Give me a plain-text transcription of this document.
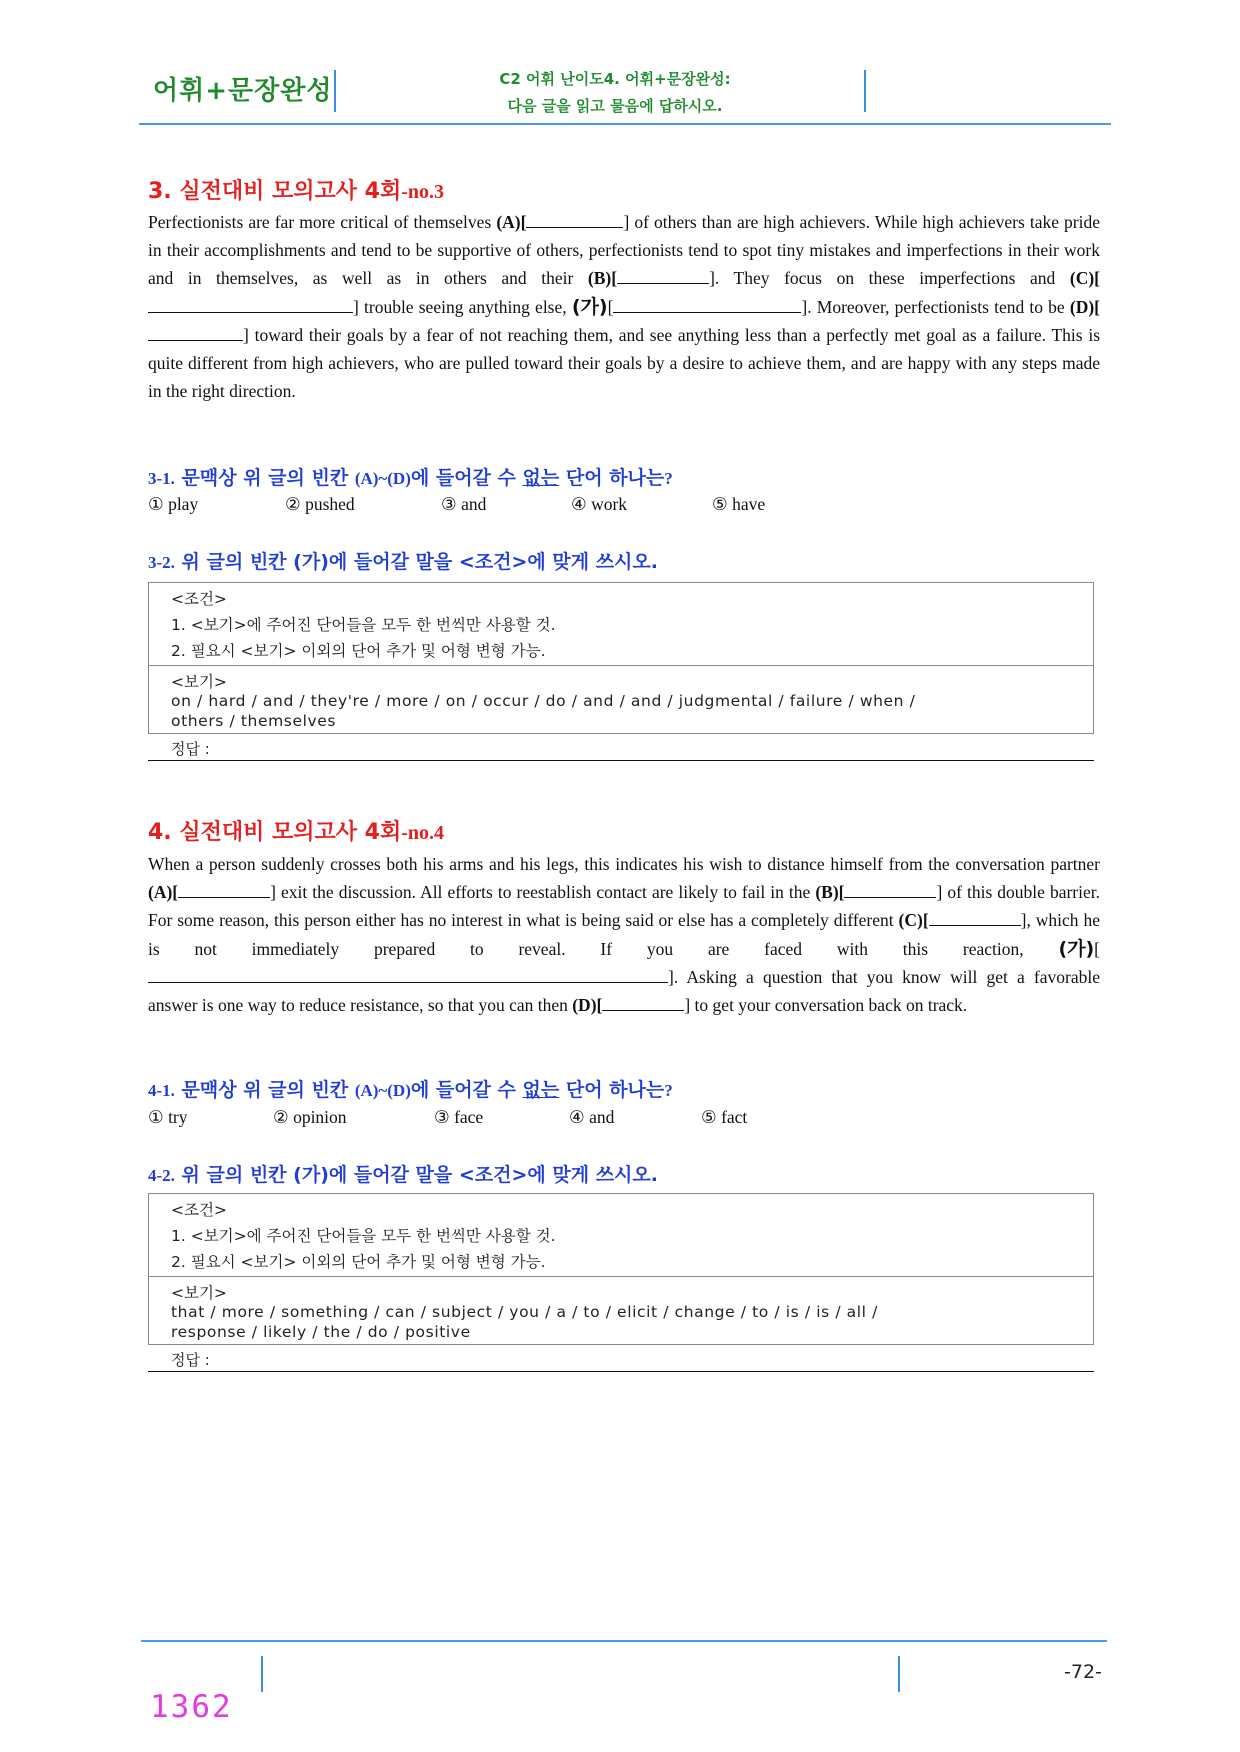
어휘+문장완성	C2 어휘 난이도4. 어휘+문장완성:
다음 글을 읽고 물음에 답하시오.
3. 실전대비 모의고사 4회-no.3
Perfectionists are far more critical of themselves (A)[	] of others than are high achievers. While high achievers take pride in their accomplishments and tend to be supportive of others, perfectionists tend to spot tiny mistakes and imperfections in their work and in themselves, as well as in others and their (B)[	]. They focus on these imperfections and (C)[] trouble seeing anything else, (가)[	]. Moreover, perfectionists tend to be (D)[] toward their goals by a fear of not reaching them, and see anything less than a perfectly met goal as a failure. This is quite different from high achievers, who are pulled toward their goals by a desire to achieve them, and are happy with any steps made in the right direction.
3-1. 문맥상 위 글의 빈칸 (A)~(D)에 들어갈 수 없는 단어 하나는?
① play	② pushed	③ and	④ work	⑤ have
3-2. 위 글의 빈칸 (가)에 들어갈 말을 <조건>에 맞게 쓰시오.
<조건>
1. <보기>에 주어진 단어들을 모두 한 번씩만 사용할 것.
2. 필요시 <보기> 이외의 단어 추가 및 어형 변형 가능.
<보기>
on / hard / and / they're / more / on / occur / do / and / and / judgmental / failure / when /
others / themselves
정답 :
4. 실전대비 모의고사 4회-no.4
When a person suddenly crosses both his arms and his legs, this indicates his wish to distance himself from the conversation partner (A)[	] exit the discussion. All efforts to reestablish contact are likely to fail in the (B)[	] of this double barrier. For some reason, this person either has no interest in what is being said or else has a completely different (C)[	], which he is not immediately prepared to reveal. If you are faced with this reaction, (가)[]. Asking a question that you know will get a favorable answer is one way to reduce resistance, so that you can then (D)[	] to get your conversation back on track.
4-1. 문맥상 위 글의 빈칸 (A)~(D)에 들어갈 수 없는 단어 하나는?
① try	② opinion	③ face	④ and	⑤ fact
4-2. 위 글의 빈칸 (가)에 들어갈 말을 <조건>에 맞게 쓰시오.
<조건>
1. <보기>에 주어진 단어들을 모두 한 번씩만 사용할 것.
2. 필요시 <보기> 이외의 단어 추가 및 어형 변형 가능.
<보기>
that / more / something / can / subject / you / a / to / elicit / change / to / is / is / all /
response / likely / the / do / positive
정답 :
-72-
1362
